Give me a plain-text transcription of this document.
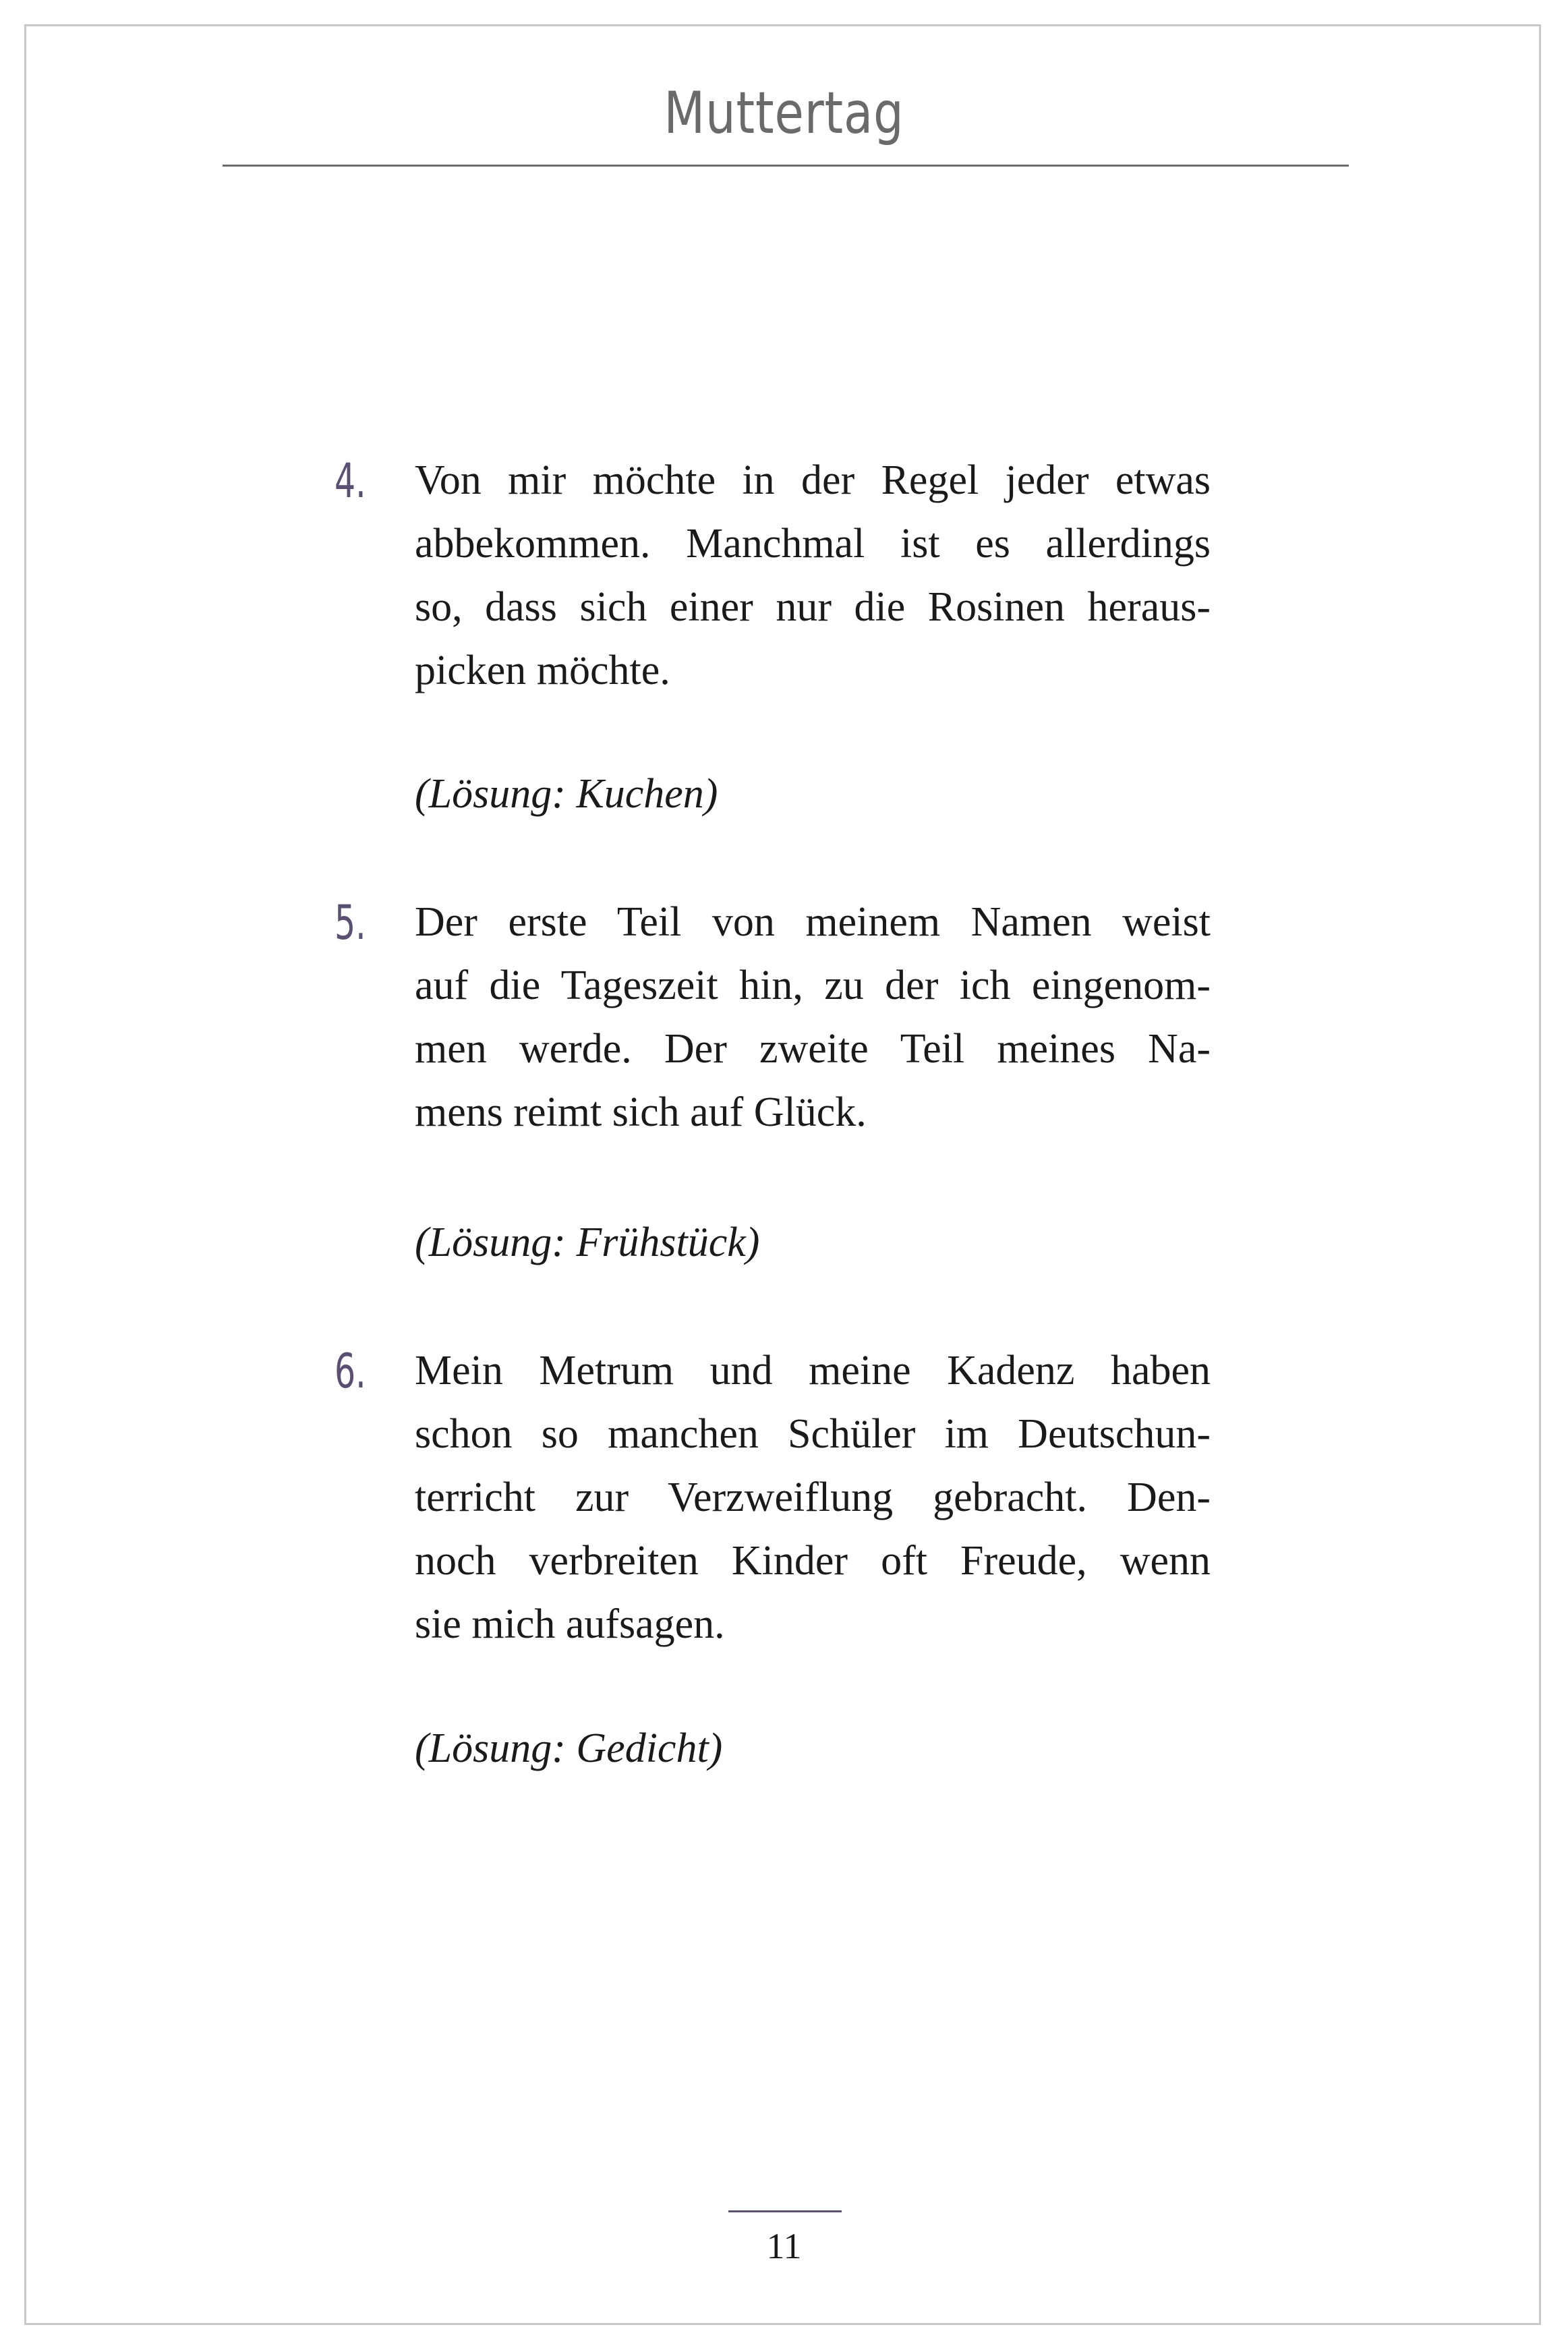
Muttertag
4. Von mir möchte in der Regel jeder etwas
abbekommen. Manchmal ist es allerdings
so, dass sich einer nur die Rosinen heraus-
picken möchte.
(Lösung: Kuchen)
5. Der erste Teil von meinem Namen weist
auf die Tageszeit hin, zu der ich eingenom-
men werde. Der zweite Teil meines Na-
mens reimt sich auf Glück.
(Lösung: Frühstück)
6. Mein Metrum und meine Kadenz haben
schon so manchen Schüler im Deutschun-
terricht zur Verzweiflung gebracht. Den-
noch verbreiten Kinder oft Freude, wenn
sie mich aufsagen.
(Lösung: Gedicht)
11
